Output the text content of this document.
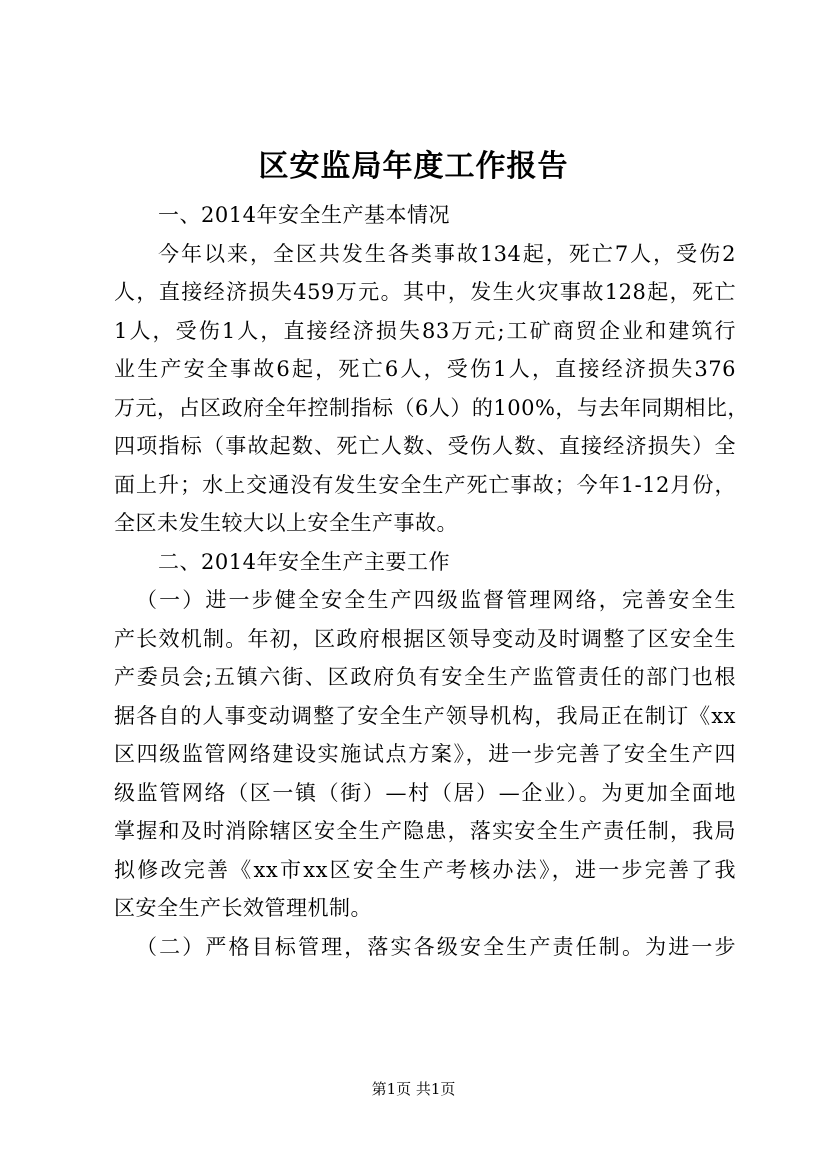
区安监局年度工作报告
一、2014年安全生产基本情况
今年以来，全区共发生各类事故134起，死亡7人，受伤2
人，直接经济损失459万元。其中，发生火灾事故128起，死亡
1人，受伤1人，直接经济损失83万元;工矿商贸企业和建筑行
业生产安全事故6起，死亡6人，受伤1人，直接经济损失376
万元，占区政府全年控制指标（6人）的100%，与去年同期相比，
四项指标（事故起数、死亡人数、受伤人数、直接经济损失）全
面上升；水上交通没有发生安全生产死亡事故；今年1-12月份，
全区未发生较大以上安全生产事故。
二、2014年安全生产主要工作
（一）进一步健全安全生产四级监督管理网络，完善安全生
产长效机制。年初，区政府根据区领导变动及时调整了区安全生
产委员会;五镇六街、区政府负有安全生产监管责任的部门也根
据各自的人事变动调整了安全生产领导机构，我局正在制订《xx
区四级监管网络建设实施试点方案》，进一步完善了安全生产四
级监管网络（区一镇（街）—村（居）—企业）。为更加全面地
掌握和及时消除辖区安全生产隐患，落实安全生产责任制，我局
拟修改完善《xx市xx区安全生产考核办法》，进一步完善了我
区安全生产长效管理机制。
（二）严格目标管理，落实各级安全生产责任制。为进一步

第1页 共1页
